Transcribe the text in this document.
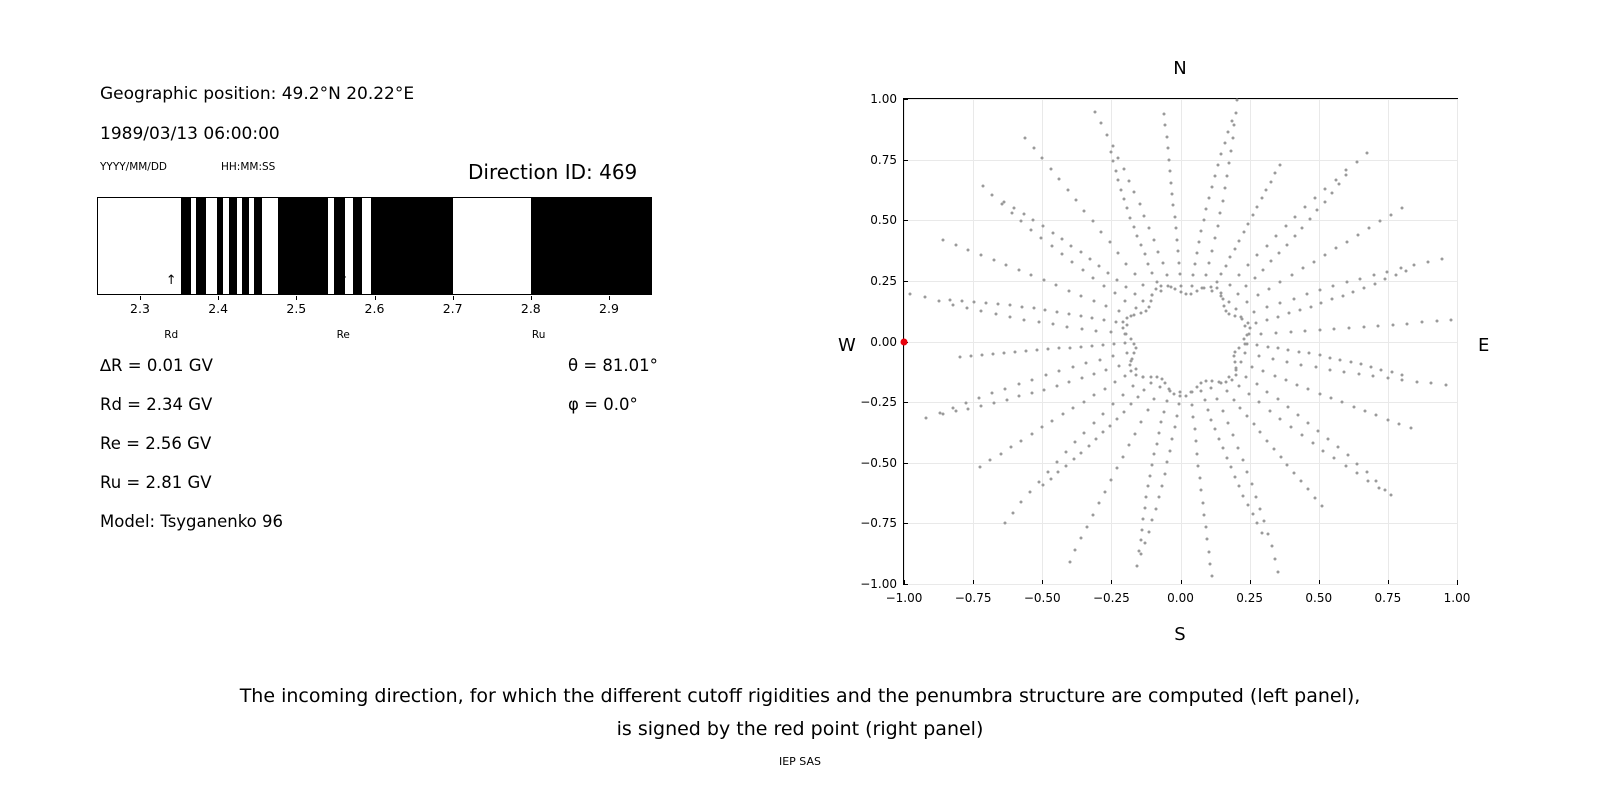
Geographic position: 49.2°N 20.22°E
1989/03/13 06:00:00
YYYY/MM/DD	HH:MM:SS	Direction ID: 469
2.3	2.4	2.5	2.6	2.7	2.8	2.9
↑
Rd
↑
Re
↑
Ru
∆R = 0.01 GV
Rd = 2.34 GV
Re = 2.56 GV
Ru = 2.81 GV
Model: Tsyganenko 96
θ = 81.01°
φ = 0.0°
N
S
W	E
−1.00
−0.75
−0.50
−0.25
0.00
0.25
0.50
0.75
1.00
−1.00	−0.75	−0.50	−0.25	0.00	0.25	0.50	0.75	1.00
The incoming direction, for which the different cutoff rigidities and the penumbra structure are computed (left panel),
is signed by the red point (right panel)
IEP SAS
